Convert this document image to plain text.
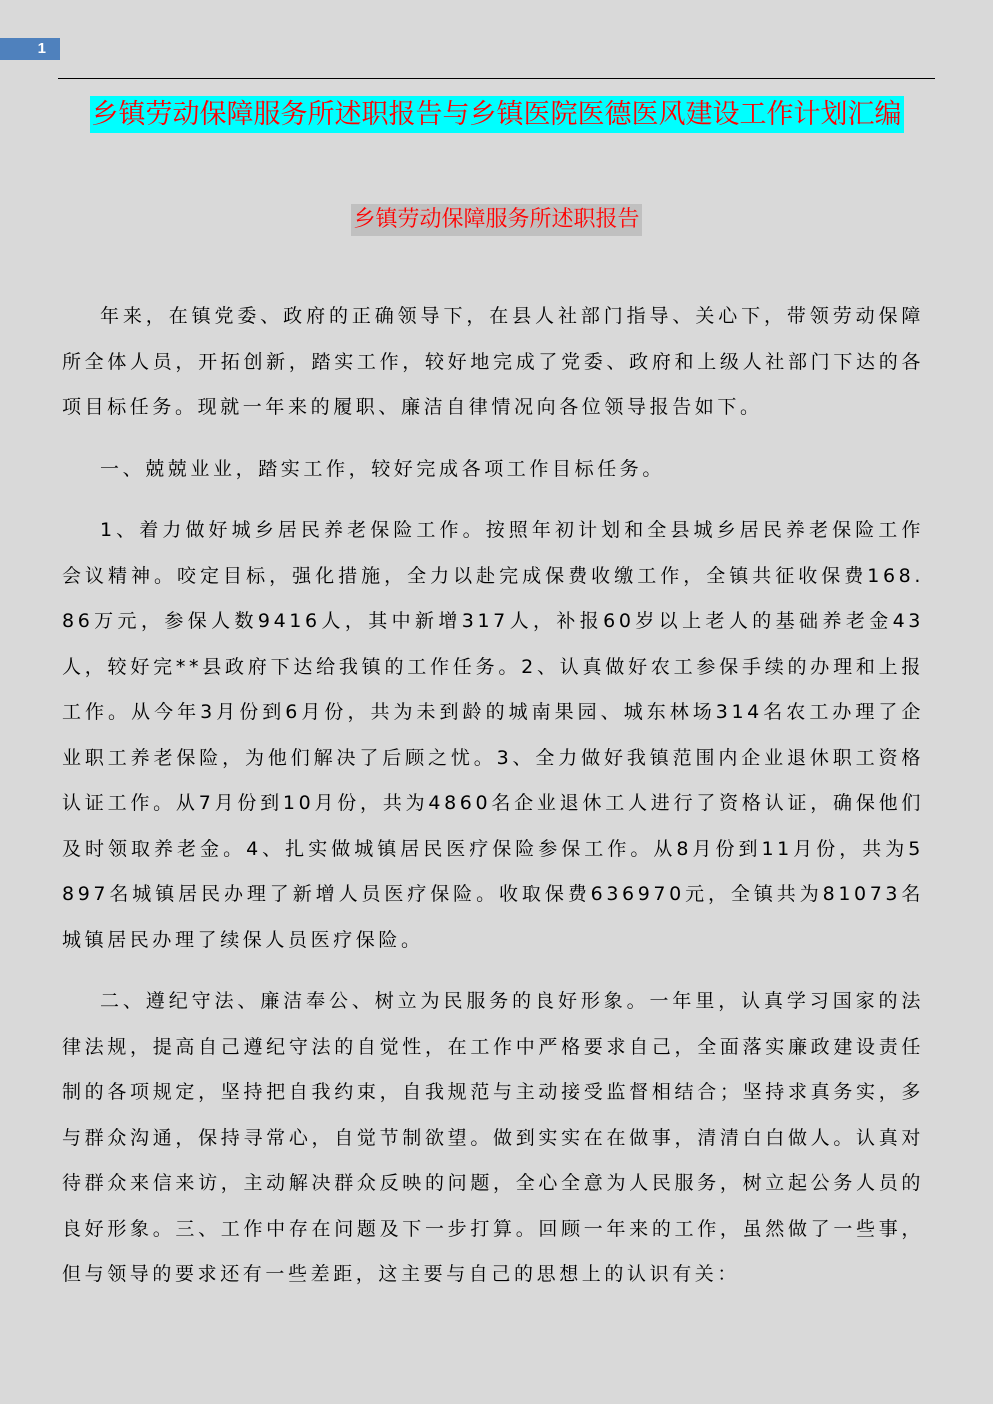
1
乡镇劳动保障服务所述职报告与乡镇医院医德医风建设工作计划汇编
乡镇劳动保障服务所述职报告

年来，在镇党委、政府的正确领导下，在县人社部门指导、关心下，带领劳动保障所全体人员，开拓创新，踏实工作，较好地完成了党委、政府和上级人社部门下达的各项目标任务。现就一年来的履职、廉洁自律情况向各位领导报告如下。

一、兢兢业业，踏实工作，较好完成各项工作目标任务。

1、着力做好城乡居民养老保险工作。按照年初计划和全县城乡居民养老保险工作会议精神。咬定目标，强化措施，全力以赴完成保费收缴工作，全镇共征收保费168.86万元，参保人数9416人，其中新增317人，补报60岁以上老人的基础养老金43人，较好完**县政府下达给我镇的工作任务。2、认真做好农工参保手续的办理和上报工作。从今年3月份到6月份，共为未到龄的城南果园、城东林场314名农工办理了企业职工养老保险，为他们解决了后顾之忧。3、全力做好我镇范围内企业退休职工资格认证工作。从7月份到10月份，共为4860名企业退休工人进行了资格认证，确保他们及时领取养老金。4、扎实做城镇居民医疗保险参保工作。从8月份到11月份，共为5897名城镇居民办理了新增人员医疗保险。收取保费636970元，全镇共为81073名城镇居民办理了续保人员医疗保险。

二、遵纪守法、廉洁奉公、树立为民服务的良好形象。一年里，认真学习国家的法律法规，提高自己遵纪守法的自觉性，在工作中严格要求自己，全面落实廉政建设责任制的各项规定，坚持把自我约束，自我规范与主动接受监督相结合；坚持求真务实，多与群众沟通，保持寻常心，自觉节制欲望。做到实实在在做事，清清白白做人。认真对待群众来信来访，主动解决群众反映的问题，全心全意为人民服务，树立起公务人员的良好形象。三、工作中存在问题及下一步打算。回顾一年来的工作，虽然做了一些事，但与领导的要求还有一些差距，这主要与自己的思想上的认识有关：
